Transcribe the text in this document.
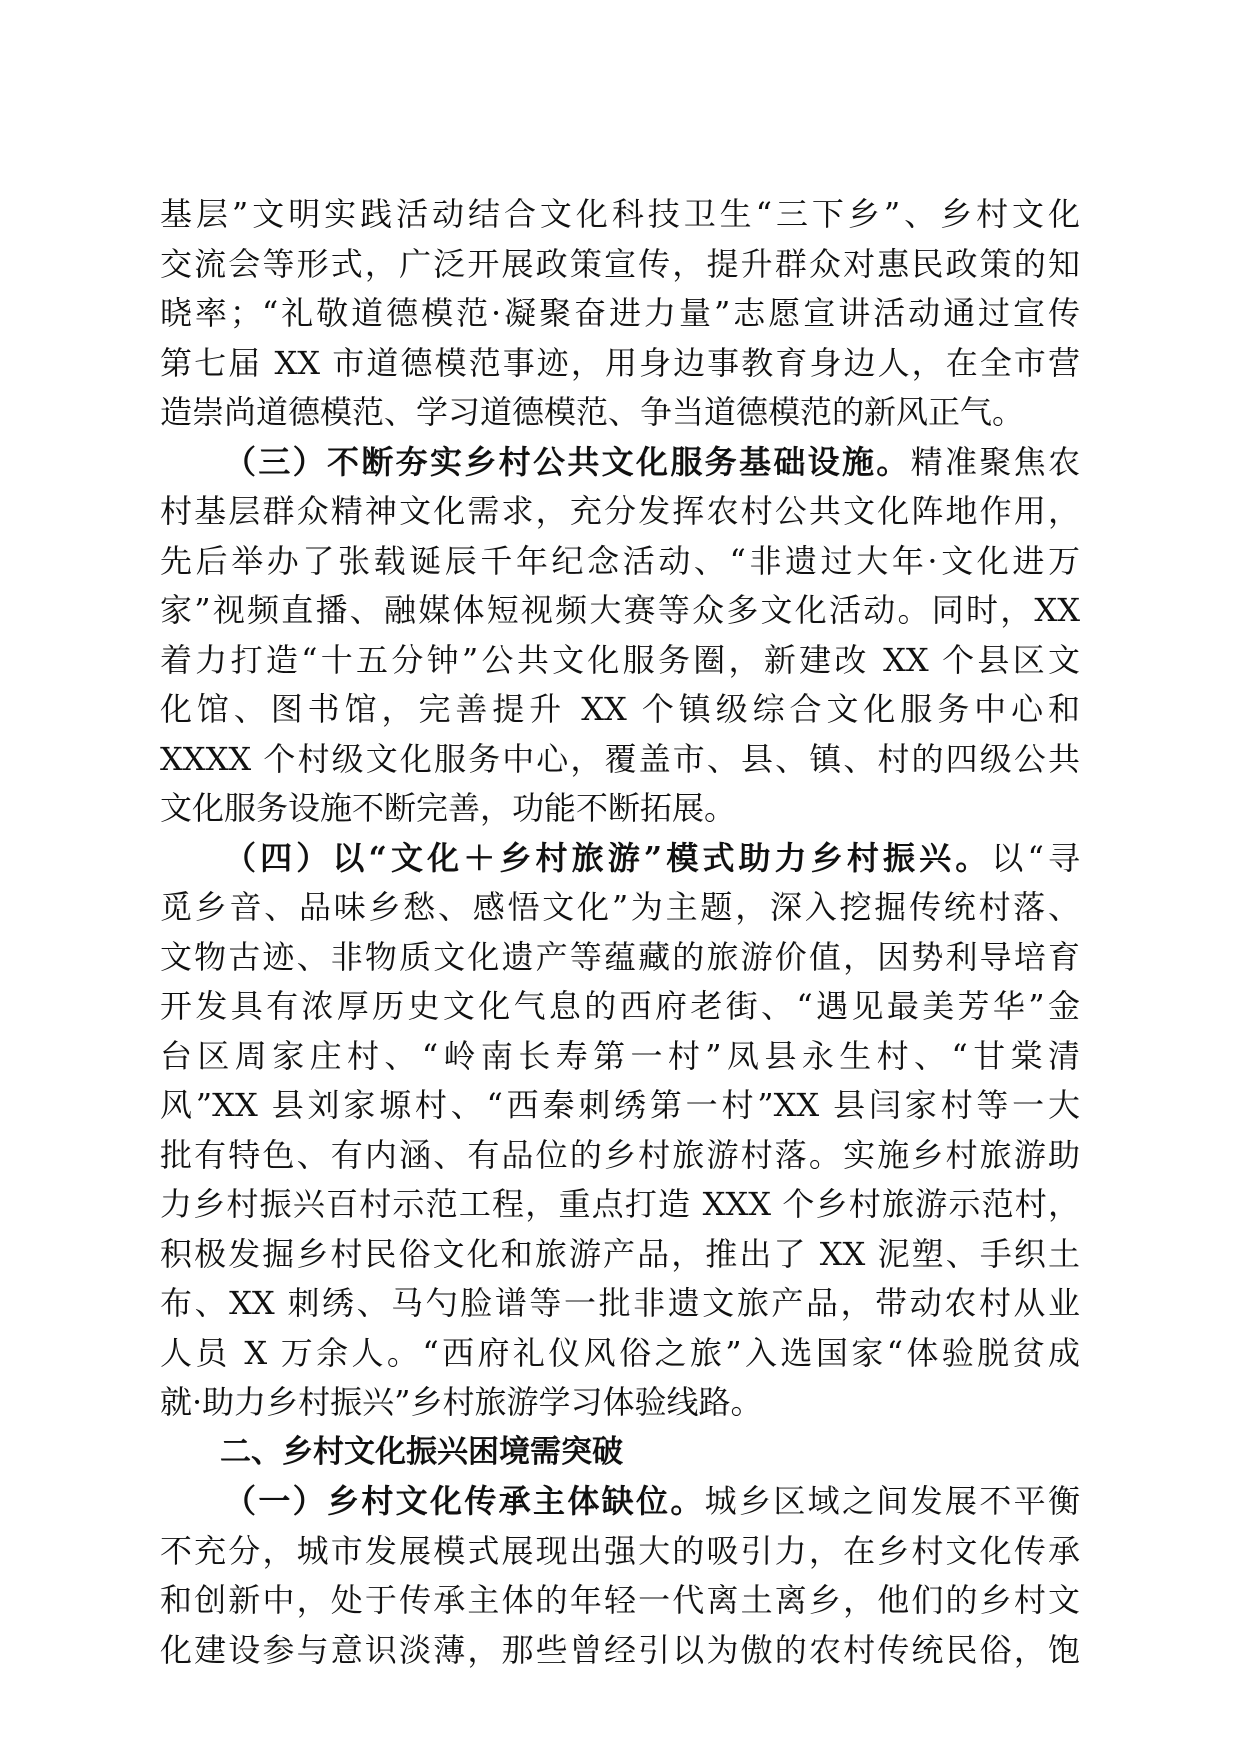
基层”文明实践活动结合文化科技卫生“三下乡”、乡村文化
交流会等形式，广泛开展政策宣传，提升群众对惠民政策的知
晓率；“礼敬道德模范·凝聚奋进力量”志愿宣讲活动通过宣传
第七届 XX 市道德模范事迹，用身边事教育身边人，在全市营
造崇尚道德模范、学习道德模范、争当道德模范的新风正气。
（三）不断夯实乡村公共文化服务基础设施。精准聚焦农
村基层群众精神文化需求，充分发挥农村公共文化阵地作用，
先后举办了张载诞辰千年纪念活动、“非遗过大年·文化进万
家”视频直播、融媒体短视频大赛等众多文化活动。同时，XX
着力打造“十五分钟”公共文化服务圈，新建改 XX 个县区文
化馆、图书馆，完善提升 XX 个镇级综合文化服务中心和
XXXX 个村级文化服务中心，覆盖市、县、镇、村的四级公共
文化服务设施不断完善，功能不断拓展。
（四）以“文化＋乡村旅游”模式助力乡村振兴。以“寻
觅乡音、品味乡愁、感悟文化”为主题，深入挖掘传统村落、
文物古迹、非物质文化遗产等蕴藏的旅游价值，因势利导培育
开发具有浓厚历史文化气息的西府老街、“遇见最美芳华”金
台区周家庄村、“岭南长寿第一村”凤县永生村、“甘棠清
风”XX 县刘家塬村、“西秦刺绣第一村”XX 县闫家村等一大
批有特色、有内涵、有品位的乡村旅游村落。实施乡村旅游助
力乡村振兴百村示范工程，重点打造 XXX 个乡村旅游示范村，
积极发掘乡村民俗文化和旅游产品，推出了 XX 泥塑、手织土
布、XX 刺绣、马勺脸谱等一批非遗文旅产品，带动农村从业
人员 X 万余人。“西府礼仪风俗之旅”入选国家“体验脱贫成
就·助力乡村振兴”乡村旅游学习体验线路。
二、乡村文化振兴困境需突破
（一）乡村文化传承主体缺位。城乡区域之间发展不平衡
不充分，城市发展模式展现出强大的吸引力，在乡村文化传承
和创新中，处于传承主体的年轻一代离土离乡，他们的乡村文
化建设参与意识淡薄，那些曾经引以为傲的农村传统民俗，饱
